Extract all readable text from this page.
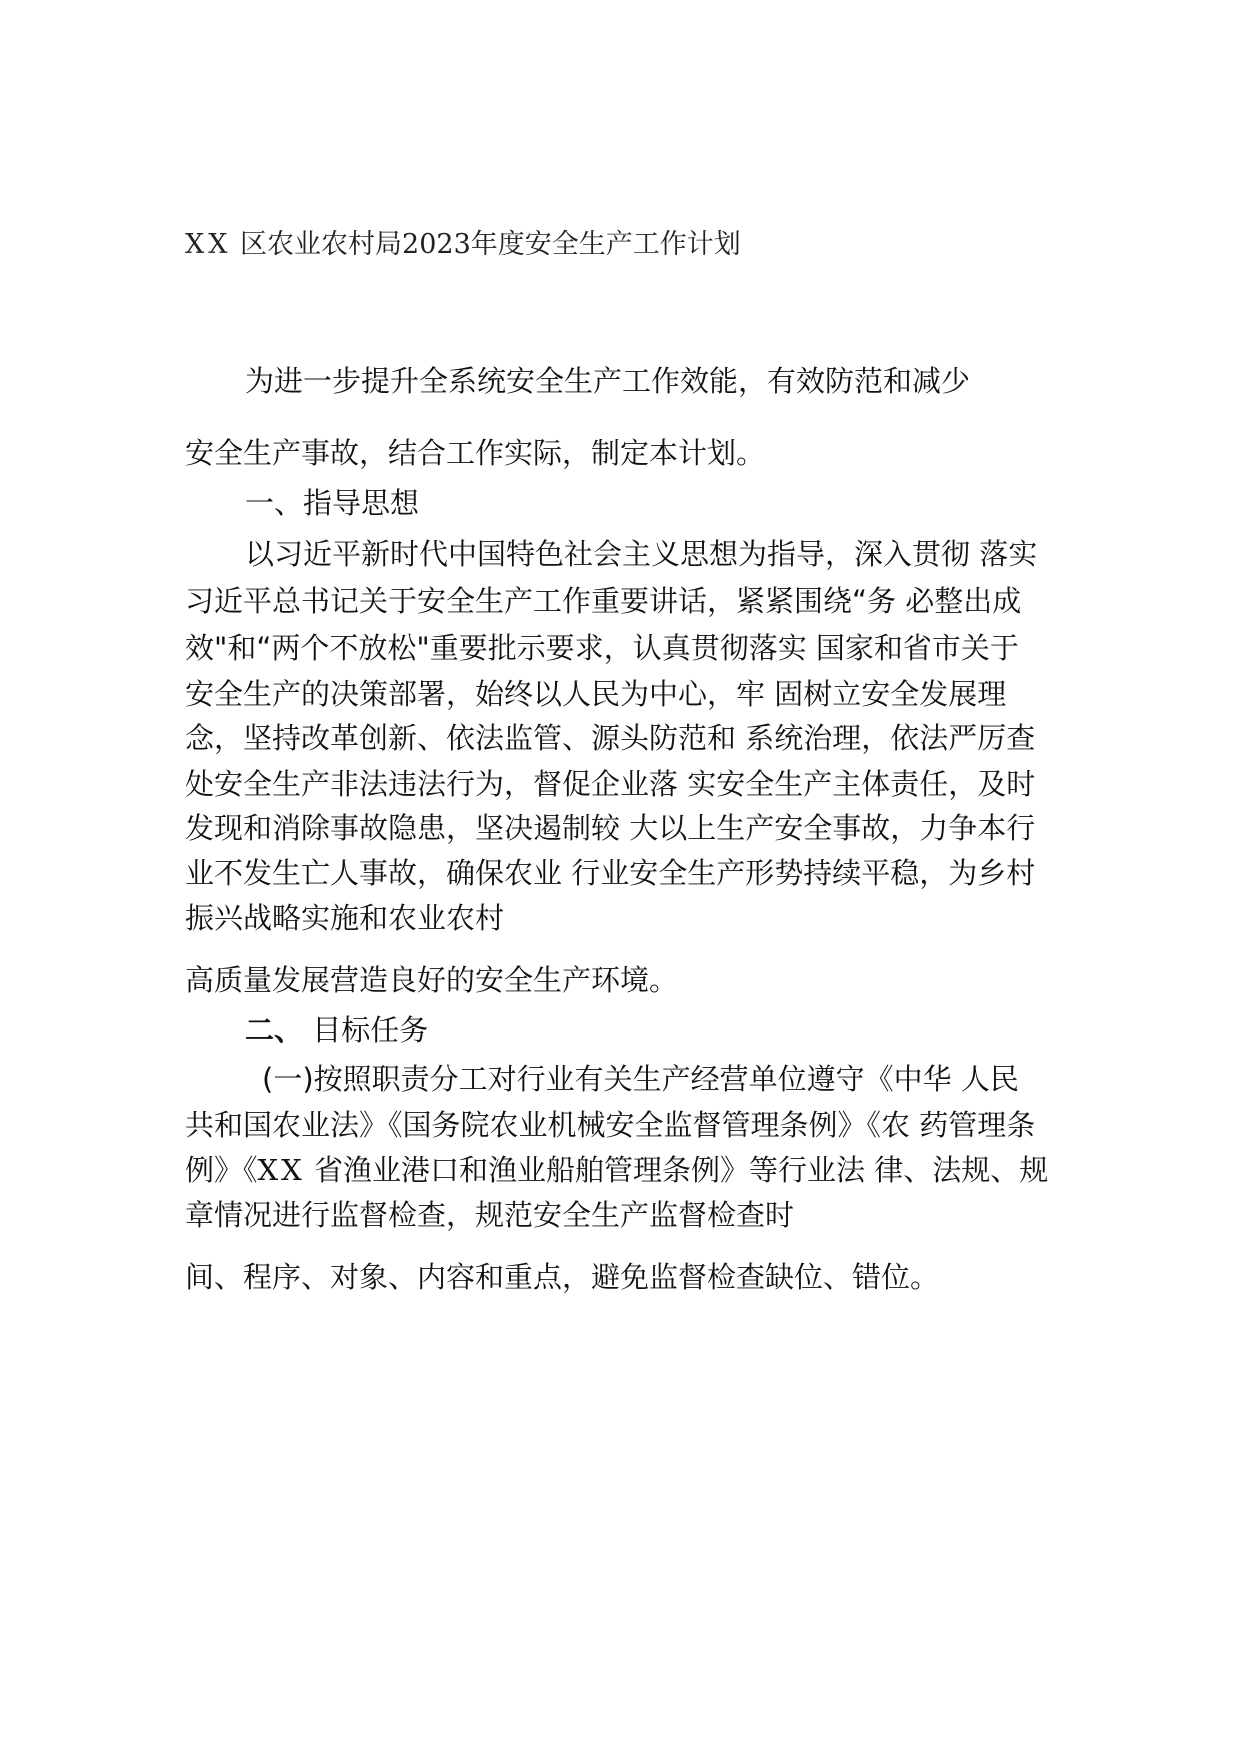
XX 区农业农村局2023年度安全生产工作计划
为进一步提升全系统安全生产工作效能，有效防范和减少
安全生产事故，结合工作实际，制定本计划。
一、指导思想
以习近平新时代中国特色社会主义思想为指导，深入贯彻 落实
习近平总书记关于安全生产工作重要讲话，紧紧围绕“务 必整出成
效"和“两个不放松"重要批示要求，认真贯彻落实 国家和省市关于
安全生产的决策部署，始终以人民为中心，牢 固树立安全发展理
念，坚持改革创新、依法监管、源头防范和 系统治理，依法严厉查
处安全生产非法违法行为，督促企业落 实安全生产主体责任，及时
发现和消除事故隐患，坚决遏制较 大以上生产安全事故，力争本行
业不发生亡人事故，确保农业 行业安全生产形势持续平稳，为乡村
振兴战略实施和农业农村
高质量发展营造良好的安全生产环境。
二、 目标任务
(一)按照职责分工对行业有关生产经营单位遵守《中华 人民
共和国农业法》《国务院农业机械安全监督管理条例》《农 药管理条
例》《XX 省渔业港口和渔业船舶管理条例》等行业法 律、法规、规
章情况进行监督检查，规范安全生产监督检查时
间、程序、对象、内容和重点，避免监督检查缺位、错位。
